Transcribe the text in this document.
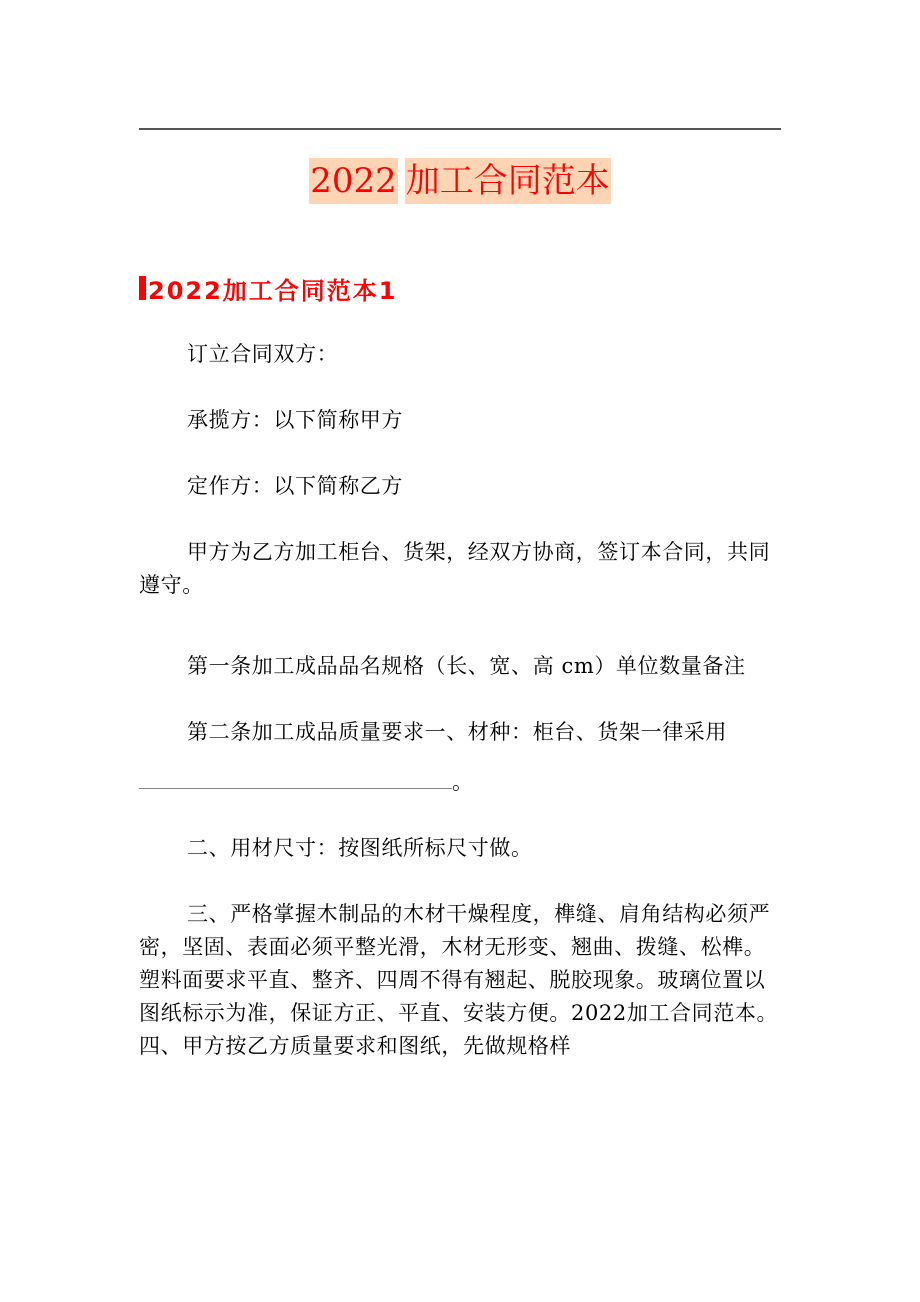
2022 加工合同范本
2022加工合同范本1
订立合同双方：
承揽方：以下简称甲方
定作方：以下简称乙方
甲方为乙方加工柜台、货架，经双方协商，签订本合同，共同遵守。
第一条加工成品品名规格（长、宽、高 cm）单位数量备注
第二条加工成品质量要求一、材种：柜台、货架一律采用
。
二、用材尺寸：按图纸所标尺寸做。
三、严格掌握木制品的木材干燥程度，榫缝、肩角结构必须严密，坚固、表面必须平整光滑，木材无形变、翘曲、拨缝、松榫。塑料面要求平直、整齐、四周不得有翘起、脱胶现象。玻璃位置以图纸标示为准，保证方正、平直、安装方便。2022加工合同范本。四、甲方按乙方质量要求和图纸，先做规格样
